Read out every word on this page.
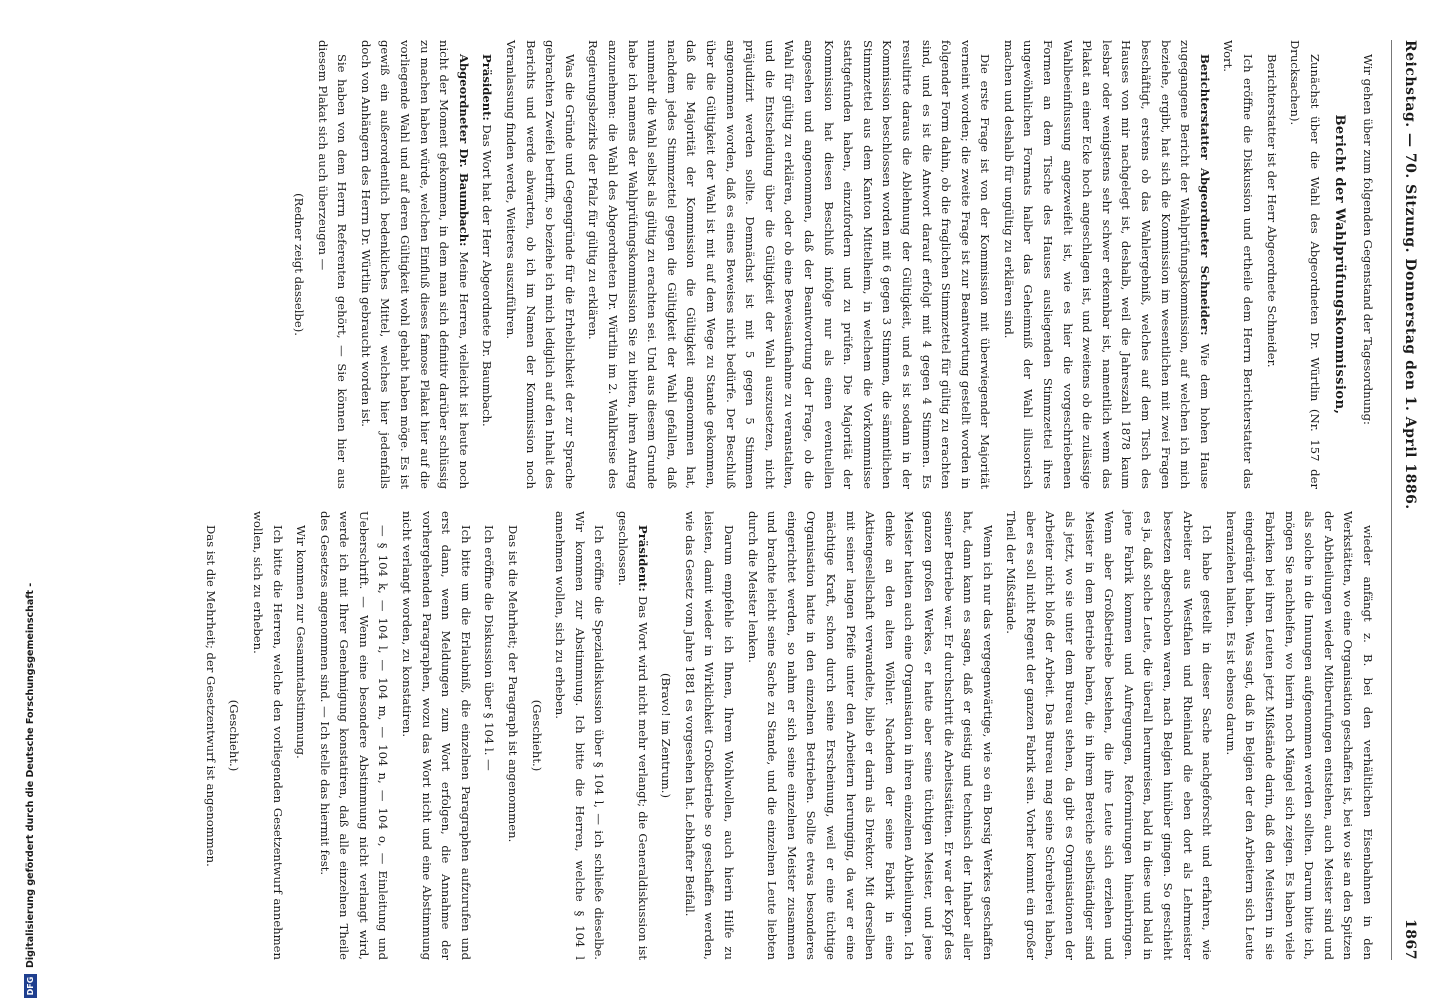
DFG
Digitalisierung gefördert durch die Deutsche Forschungsgemeinschaft -
Reichstag. — 70. Sitzung. Donnerstag den 1. April 1886.
1867

Wir gehen über zum folgenden Gegenstand der Tagesordnung:

Bericht der Wahlprüfungskommission,

Zunächst über die Wahl des Abgeordneten Dr. Würtlin (Nr. 157 der Drucksachen).

Berichterstatter ist der Herr Abgeordnete Schneider.

Ich eröffne die Diskussion und ertheile dem Herrn Berichterstatter das Wort.

Berichterstatter Abgeordneter Schneider: Wie dem hohen Hause zugegangene Bericht der Wahlprüfungskommission, auf welchen ich mich beziehe, ergibt, hat sich die Kommission im wesentlichen mit zwei Fragen beschäftigt, erstens ob das Wahlergebniß, welches auf dem Tisch des Hauses von mir nachgelegt ist, deshalb, weil die Jahreszahl 1878 kaum lesbar oder wenigstens sehr schwer erkennbar ist, namentlich wenn das Plakat an einer Ecke hoch angeschlagen ist, und zweitens ob die zulässige Wahlbeeinflussung angezweifelt ist, wie es hier die vorgeschriebenen Formen an dem Tische des Hauses ausliegenden Stimmzettel ihres ungewöhnlichen Formats halber das Geheimniß der Wahl illusorisch machen und deshalb für ungültig zu erklären sind.

Die erste Frage ist von der Kommission mit überwiegender Majorität verneint worden; die zweite Frage ist zur Beantwortung gestellt worden in folgender Form dahin, ob die fraglichen Stimmzettel für gültig zu erachten sind, und es ist die Antwort darauf erfolgt mit 4 gegen 4 Stimmen. Es resultirte daraus die Ablehnung der Gültigkeit, und es ist sodann in der Kommission beschlossen worden mit 6 gegen 3 Stimmen, die sämmtlichen Stimmzettel aus dem Kanton Mittelheim, in welchem die Vorkommnisse stattgefunden haben, einzufordern und zu prüfen. Die Majorität der Kommission hat diesen Beschluß infolge nur als einen eventuellen angesehen und angenommen, daß der Beantwortung der Frage, ob die Wahl für gültig zu erklären, oder ob eine Beweisaufnahme zu veranstalten, und die Entscheidung über die Gültigkeit der Wahl auszusetzen, nicht präjudizirt werden sollte. Demnächst ist mit 5 gegen 5 Stimmen angenommen worden, daß es eines Beweises nicht bedürfe. Der Beschluß über die Gültigkeit der Wahl ist mit auf dem Wege zu Stande gekommen, daß die Majorität der Kommission die Gültigkeit angenommen hat, nachdem jedes Stimmzettel gegen die Gültigkeit der Wahl gefallen, daß nunmehr die Wahl selbst als gültig zu erachten sei. Und aus diesem Grunde habe ich namens der Wahlprüfungskommission Sie zu bitten, ihren Antrag anzunehmen: die Wahl des Abgeordneten Dr. Würtlin im 2. Wahlkreise des Regierungsbezirks der Pfalz für gültig zu erklären.

Was die Gründe und Gegengründe für die Erheblichkeit der zur Sprache gebrachten Zweifel betrifft, so beziehe ich mich lediglich auf den Inhalt des Berichts und werde abwarten, ob ich im Namen der Kommission noch Veranlassung finden werde, Weiteres auszuführen.

Präsident: Das Wort hat der Herr Abgeordnete Dr. Baumbach.

Abgeordneter Dr. Baumbach: Meine Herren, vielleicht ist heute noch nicht der Moment gekommen, in dem man sich definitiv darüber schlüssig zu machen haben würde, welchen Einfluß dieses famose Plakat hier auf die vorliegende Wahl und auf deren Gültigkeit wohl gehabt haben möge. Es ist gewiß ein außerordentlich bedenkliches Mittel, welches hier jedenfalls doch von Anhängern des Herrn Dr. Würtlin gebraucht worden ist.

Sie haben von dem Herrn Referenten gehört, — Sie können hier aus diesem Plakat sich auch überzeugen —

(Redner zeigt dasselbe).

wieder anfängt z. B. bei den verhältlichen Eisenbahnen in den Werkstätten, wo eine Organisation geschaffen ist, bei wo sie an den Spitzen der Abtheilungen wieder Mitberufungen entstehen, auch Meister sind und als solche in die Innungen aufgenommen werden sollten. Darum bitte ich, mögen Sie nachhelfen, wo hierin noch Mängel sich zeigen. Es haben viele Fabriken bei ihren Leuten jetzt Mißstände darin, daß den Meistern in sie eingedrängt haben. Was sagt, daß in Belgien der den Arbeitern sich Leute heranziehen halten. Es ist ebenso darum.

Ich habe gestellt in dieser Sache nachgeforscht und erfahren, wie Arbeiter aus Westfalen und Rheinland die eben dort als Lehrmeister besetzen abgeschoben waren, nach Belgien hinüber gingen. So geschieht es ja, daß solche Leute, die überall herumreisen, bald in diese und bald in jene Fabrik kommen und Aufregungen, Reformirungen hineinbringen. Wenn aber Großbetriebe bestehen, die ihre Leute sich erziehen und Meister in dem Betriebe haben, die in ihrem Bereiche selbständiger sind als jetzt, wo sie unter dem Bureau stehen, da gibt es Organisationen der Arbeiter nicht bloß der Arbeit. Das Bureau mag seine Schreiberei haben, aber es soll nicht Regent der ganzen Fabrik sein. Vorher kommt ein großer Theil der Mißstände.

Wenn ich nur das vergegenwärtige, wie so ein Borsig Werkes geschaffen hat, dann kann es sagen, daß er geistig und technisch der Inhaber aller seiner Betriebe war. Er durchschritt die Arbeitsstätten. Er war der Kopf des ganzen großen Werkes, er hatte aber seine tüchtigen Meister, und jene Meister hatten auch eine Organisation in ihren einzelnen Abtheilungen. Ich denke an den alten Wöhler. Nachdem der seine Fabrik in eine Aktiengesellschaft verwandelte, blieb er darin als Direktor. Mit derselben mit seiner langen Pfeife unter den Arbeitern herumging, da war er eine mächtige Kraft, schon durch seine Erscheinung, weil er eine tüchtige Organisation hatte in den einzelnen Betrieben. Sollte etwas besonderes eingerichtet werden, so nahm er sich seine einzelnen Meister zusammen und brachte leicht seine Sache zu Stande, und die einzelnen Leute liebten durch die Meister lenken.

Darum empfehle ich Ihnen, Ihrem Wohlwollen, auch hierin Hilfe zu leisten, damit wieder in Wirklichkeit Großbetriebe so geschaffen werden, wie das Gesetz vom Jahre 1881 es vorgesehen hat. Lebhafter Beifall.

(Bravo! im Zentrum.)

Präsident: Das Wort wird nicht mehr verlangt; die Generaldiskussion ist geschlossen.

Ich eröffne die Spezialdiskussion über § 104 l, — ich schließe dieselbe. Wir kommen zur Abstimmung. Ich bitte die Herren, welche § 104 l annehmen wollen, sich zu erheben.

(Geschieht.)

Das ist die Mehrheit; der Paragraph ist angenommen.

Ich eröffne die Diskussion über § 104 l. —

Ich bitte um die Erlaubniß, die einzelnen Paragraphen aufzurufen und erst dann, wenn Meldungen zum Wort erfolgen, die Annahme der vorhergehenden Paragraphen, wozu das Wort nicht und eine Abstimmung nicht verlangt worden, zu konstatiren.

— § 104 k, — 104 l, — 104 m, — 104 n, — 104 o, — Einleitung und Ueberschrift. — Wenn eine besondere Abstimmung nicht verlangt wird, werde ich mit Ihrer Genehmigung konstatiren, daß alle einzelnen Theile des Gesetzes angenommen sind. — Ich stelle das hiermit fest.

Wir kommen zur Gesammtabstimmung.

Ich bitte die Herren, welche den vorliegenden Gesetzentwurf annehmen wollen, sich zu erheben.

(Geschieht.)

Das ist die Mehrheit; der Gesetzentwurf ist angenommen.
